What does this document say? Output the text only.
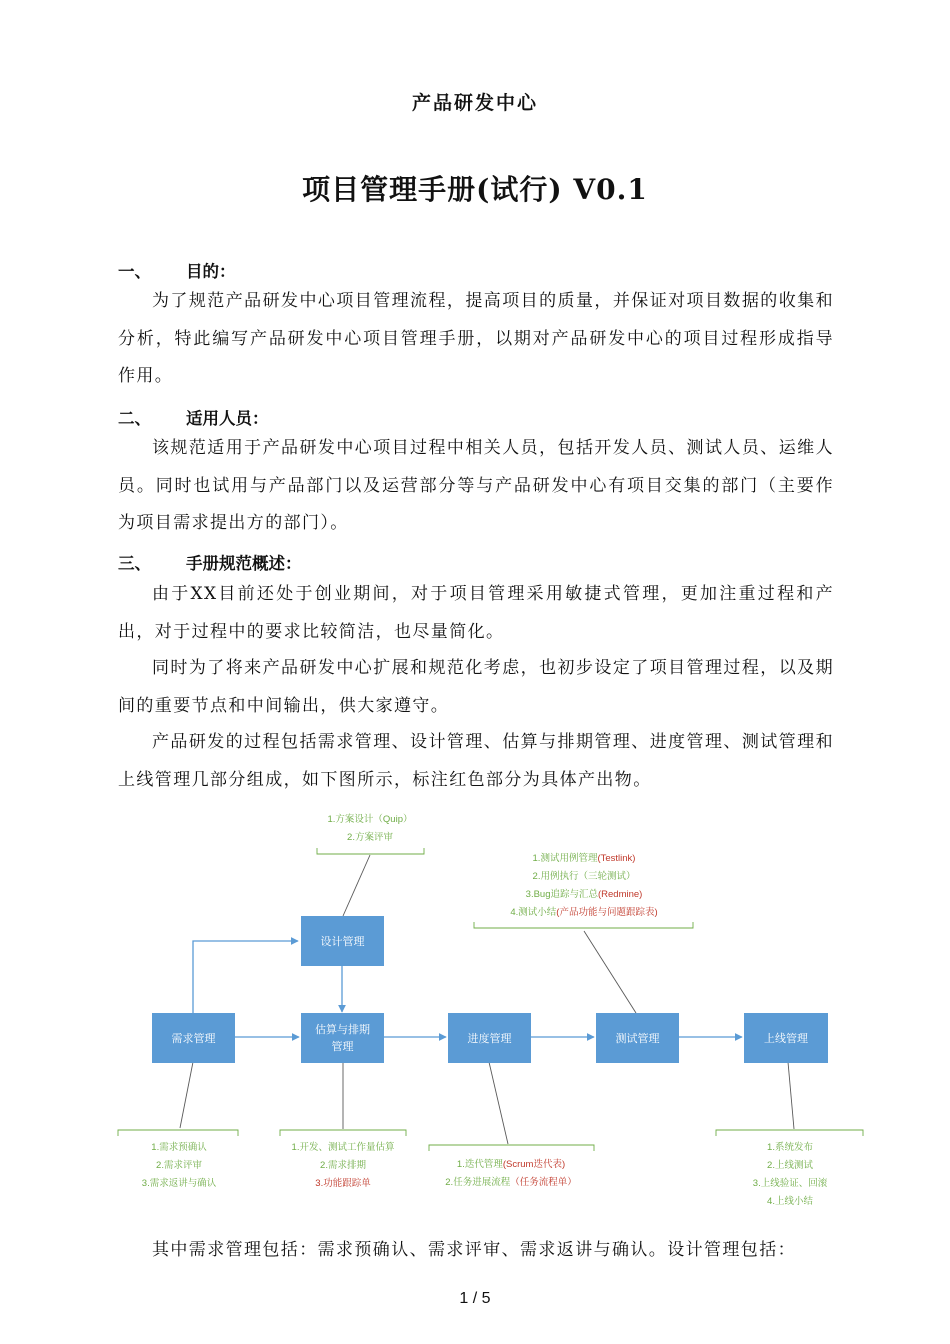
产品研发中心
项目管理手册(试行) V0.1
一、 目的：
为了规范产品研发中心项目管理流程，提高项目的质量，并保证对项目数据的收集和分析，特此编写产品研发中心项目管理手册，以期对产品研发中心的项目过程形成指导作用。
二、 适用人员：
该规范适用于产品研发中心项目过程中相关人员，包括开发人员、测试人员、运维人员。同时也试用与产品部门以及运营部分等与产品研发中心有项目交集的部门（主要作为项目需求提出方的部门）。
三、 手册规范概述：
由于XX目前还处于创业期间，对于项目管理采用敏捷式管理，更加注重过程和产出，对于过程中的要求比较简洁，也尽量简化。
同时为了将来产品研发中心扩展和规范化考虑，也初步设定了项目管理过程，以及期间的重要节点和中间输出，供大家遵守。
产品研发的过程包括需求管理、设计管理、估算与排期管理、进度管理、测试管理和上线管理几部分组成，如下图所示，标注红色部分为具体产出物。
设计管理
需求管理
估算与排期
管理
进度管理	测试管理	上线管理
1.方案设计（Quip）
2.方案评审
1.测试用例管理(Testlink)
2.用例执行（三轮测试）
3.Bug追踪与汇总(Redmine)
4.测试小结(产品功能与问题跟踪表)
1.需求预确认
2.需求评审
3.需求返讲与确认
1.开发、测试工作量估算
2.需求排期
3.功能跟踪单
1.迭代管理(Scrum迭代表)
2.任务进展流程（任务流程单）
1.系统发布
2.上线测试
3.上线验证、回滚
4.上线小结
其中需求管理包括：需求预确认、需求评审、需求返讲与确认。设计管理包括：
1 / 5
